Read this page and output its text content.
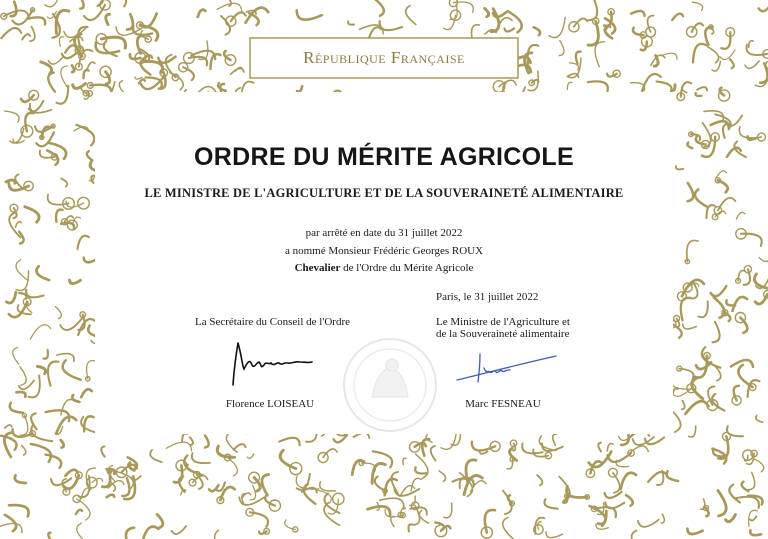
République Française
ORDRE DU MÉRITE AGRICOLE
LE MINISTRE DE L'AGRICULTURE ET DE LA SOUVERAINETÉ ALIMENTAIRE
par arrêté en date du 31 juillet 2022
a nommé Monsieur Frédéric Georges ROUX
Chevalier de l'Ordre du Mérite Agricole
Paris, le 31 juillet 2022
La Secrétaire du Conseil de l'Ordre	Le Ministre de l'Agriculture et
de la Souveraineté alimentaire
Florence LOISEAU	Marc FESNEAU
